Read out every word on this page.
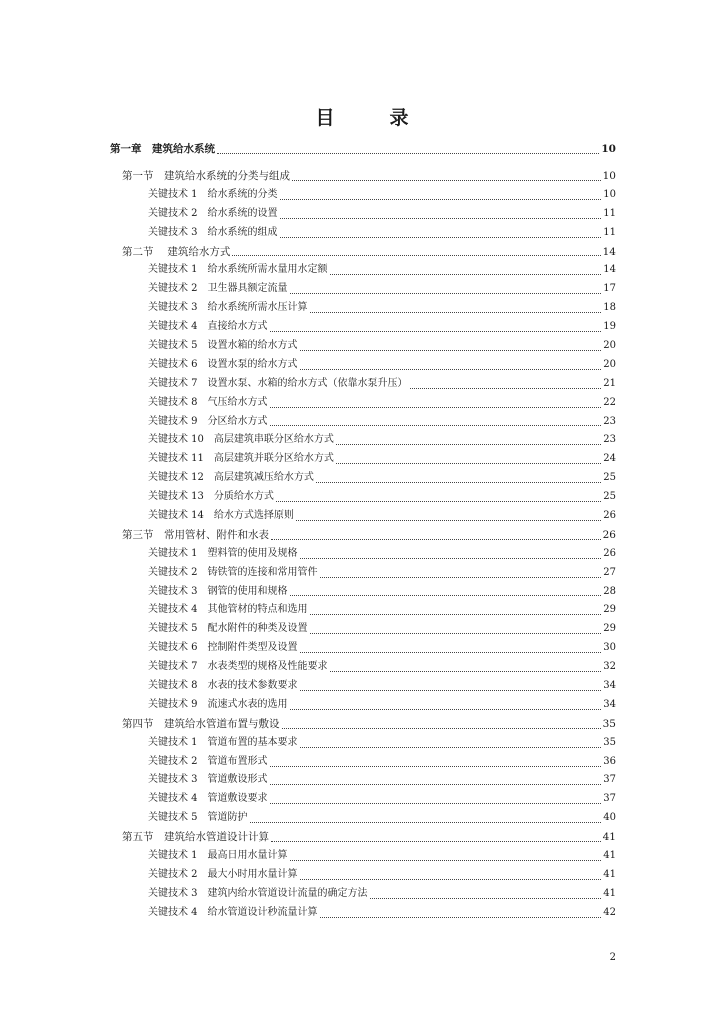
目　录
第一章　建筑给水系统	10
第一节　建筑给水系统的分类与组成	10
关键技术 1　给水系统的分类	10
关键技术 2　给水系统的设置	11
关键技术 3　给水系统的组成	11
第二节　 建筑给水方式	14
关键技术 1　给水系统所需水量用水定额	14
关键技术 2　卫生器具额定流量	17
关键技术 3　给水系统所需水压计算	18
关键技术 4　直接给水方式	19
关键技术 5　设置水箱的给水方式	20
关键技术 6　设置水泵的给水方式	20
关键技术 7　设置水泵、水箱的给水方式（依靠水泵升压）	21
关键技术 8　气压给水方式	22
关键技术 9　分区给水方式	23
关键技术 10　高层建筑串联分区给水方式	23
关键技术 11　高层建筑并联分区给水方式	24
关键技术 12　高层建筑减压给水方式	25
关键技术 13　分质给水方式	25
关键技术 14　给水方式选择原则	26
第三节　常用管材、附件和水表	26
关键技术 1　塑料管的使用及规格	26
关键技术 2　铸铁管的连接和常用管件	27
关键技术 3　钢管的使用和规格	28
关键技术 4　其他管材的特点和选用	29
关键技术 5　配水附件的种类及设置	29
关键技术 6　控制附件类型及设置	30
关键技术 7　水表类型的规格及性能要求	32
关键技术 8　水表的技术参数要求	34
关键技术 9　流速式水表的选用	34
第四节　建筑给水管道布置与敷设	35
关键技术 1　管道布置的基本要求	35
关键技术 2　管道布置形式	36
关键技术 3　管道敷设形式	37
关键技术 4　管道敷设要求	37
关键技术 5　管道防护	40
第五节　建筑给水管道设计计算	41
关键技术 1　最高日用水量计算	41
关键技术 2　最大小时用水量计算	41
关键技术 3　建筑内给水管道设计流量的确定方法	41
关键技术 4　给水管道设计秒流量计算	42
2
